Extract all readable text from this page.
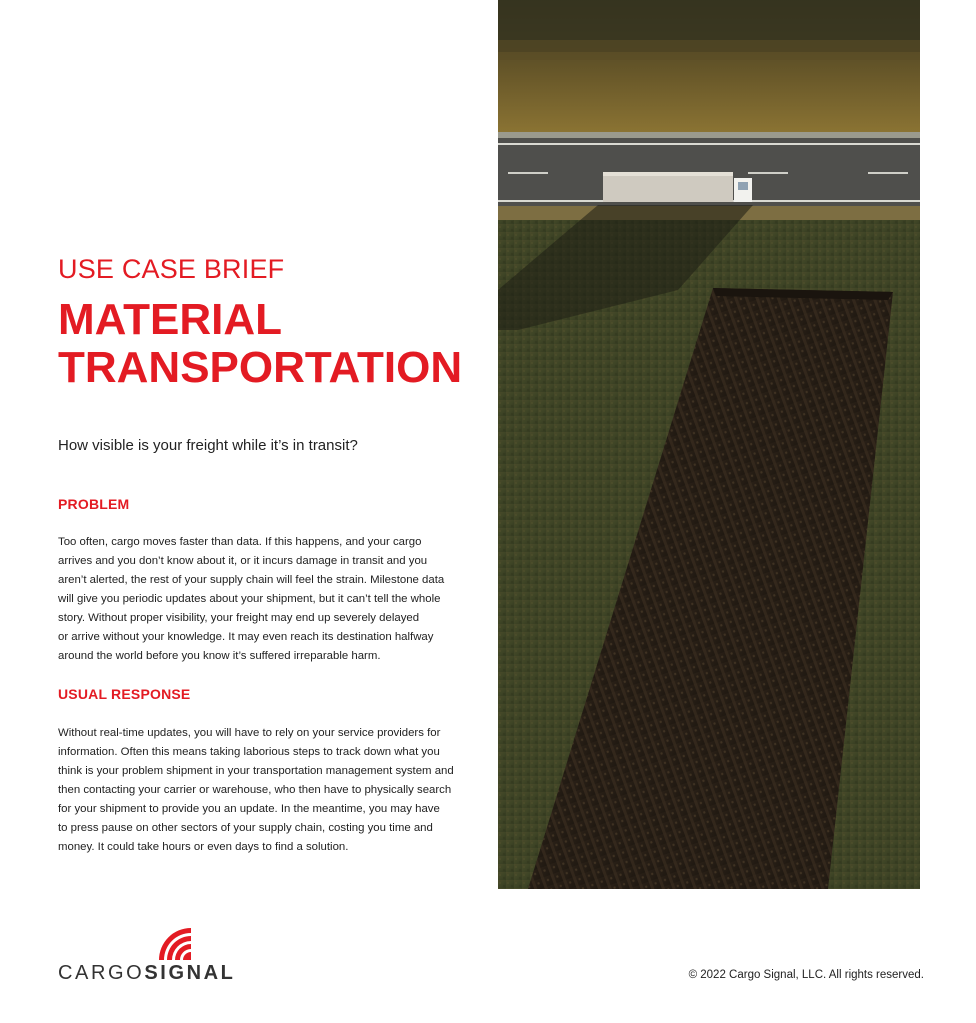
USE CASE BRIEF
MATERIAL
TRANSPORTATION

How visible is your freight while it’s in transit?

PROBLEM

Too often, cargo moves faster than data. If this happens, and your cargo
arrives and you don’t know about it, or it incurs damage in transit and you
aren’t alerted, the rest of your supply chain will feel the strain. Milestone data
will give you periodic updates about your shipment, but it can’t tell the whole
story. Without proper visibility, your freight may end up severely delayed
or arrive without your knowledge. It may even reach its destination halfway
around the world before you know it’s suffered irreparable harm.

USUAL RESPONSE

Without real-time updates, you will have to rely on your service providers for
information. Often this means taking laborious steps to track down what you
think is your problem shipment in your transportation management system and
then contacting your carrier or warehouse, who then have to physically search
for your shipment to provide you an update. In the meantime, you may have
to press pause on other sectors of your supply chain, costing you time and
money. It could take hours or even days to find a solution.

CARGOSIGNAL	© 2022 Cargo Signal, LLC. All rights reserved.
